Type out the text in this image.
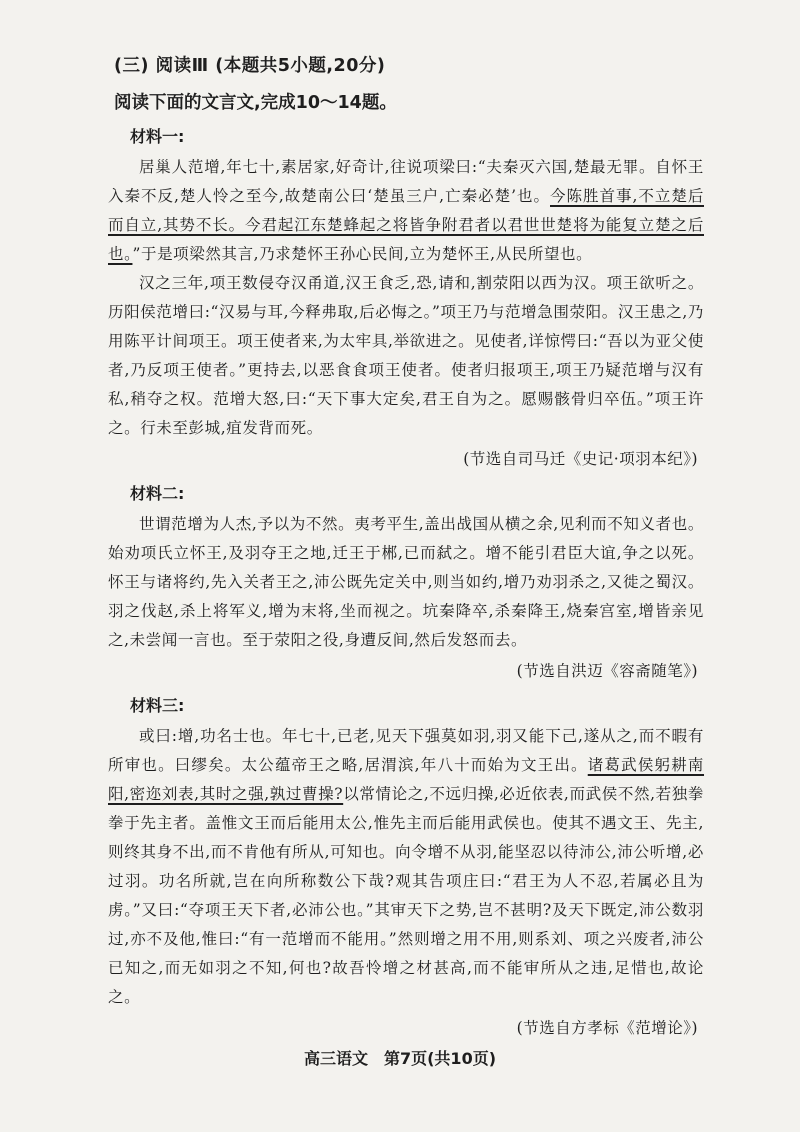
(三) 阅读Ⅲ (本题共5小题,20分)
阅读下面的文言文,完成10～14题。
材料一:

居巢人范增,年七十,素居家,好奇计,往说项梁曰:“夫秦灭六国,楚最无罪。自怀王入秦不反,楚人怜之至今,故楚南公曰‘楚虽三户,亡秦必楚’也。今陈胜首事,不立楚后而自立,其势不长。今君起江东楚蜂起之将皆争附君者以君世世楚将为能复立楚之后也。”于是项梁然其言,乃求楚怀王孙心民间,立为楚怀王,从民所望也。

汉之三年,项王数侵夺汉甬道,汉王食乏,恐,请和,割荥阳以西为汉。项王欲听之。历阳侯范增曰:“汉易与耳,今释弗取,后必悔之。”项王乃与范增急围荥阳。汉王患之,乃用陈平计间项王。项王使者来,为太牢具,举欲进之。见使者,详惊愕曰:“吾以为亚父使者,乃反项王使者。”更持去,以恶食食项王使者。使者归报项王,项王乃疑范增与汉有私,稍夺之权。范增大怒,曰:“天下事大定矣,君王自为之。愿赐骸骨归卒伍。”项王许之。行未至彭城,疽发背而死。

(节选自司马迁《史记·项羽本纪》)
材料二:

世谓范增为人杰,予以为不然。夷考平生,盖出战国从横之余,见利而不知义者也。始劝项氏立怀王,及羽夺王之地,迁王于郴,已而弑之。增不能引君臣大谊,争之以死。怀王与诸将约,先入关者王之,沛公既先定关中,则当如约,增乃劝羽杀之,又徙之蜀汉。羽之伐赵,杀上将军义,增为末将,坐而视之。坑秦降卒,杀秦降王,烧秦宫室,增皆亲见之,未尝闻一言也。至于荥阳之役,身遭反间,然后发怒而去。

(节选自洪迈《容斋随笔》)
材料三:

或曰:增,功名士也。年七十,已老,见天下强莫如羽,羽又能下己,遂从之,而不暇有所审也。曰缪矣。太公蕴帝王之略,居渭滨,年八十而始为文王出。诸葛武侯躬耕南阳,密迩刘表,其时之强,孰过曹操?以常情论之,不远归操,必近依表,而武侯不然,若独拳拳于先主者。盖惟文王而后能用太公,惟先主而后能用武侯也。使其不遇文王、先主,则终其身不出,而不肯他有所从,可知也。向令增不从羽,能坚忍以待沛公,沛公听增,必过羽。功名所就,岂在向所称数公下哉?观其告项庄曰:“君王为人不忍,若属必且为虏。”又曰:“夺项王天下者,必沛公也。”其审天下之势,岂不甚明?及天下既定,沛公数羽过,亦不及他,惟曰:“有一范增而不能用。”然则增之用不用,则系刘、项之兴废者,沛公已知之,而无如羽之不知,何也?故吾怜增之材甚高,而不能审所从之违,足惜也,故论之。

(节选自方孝标《范增论》)
高三语文　第7页(共10页)
